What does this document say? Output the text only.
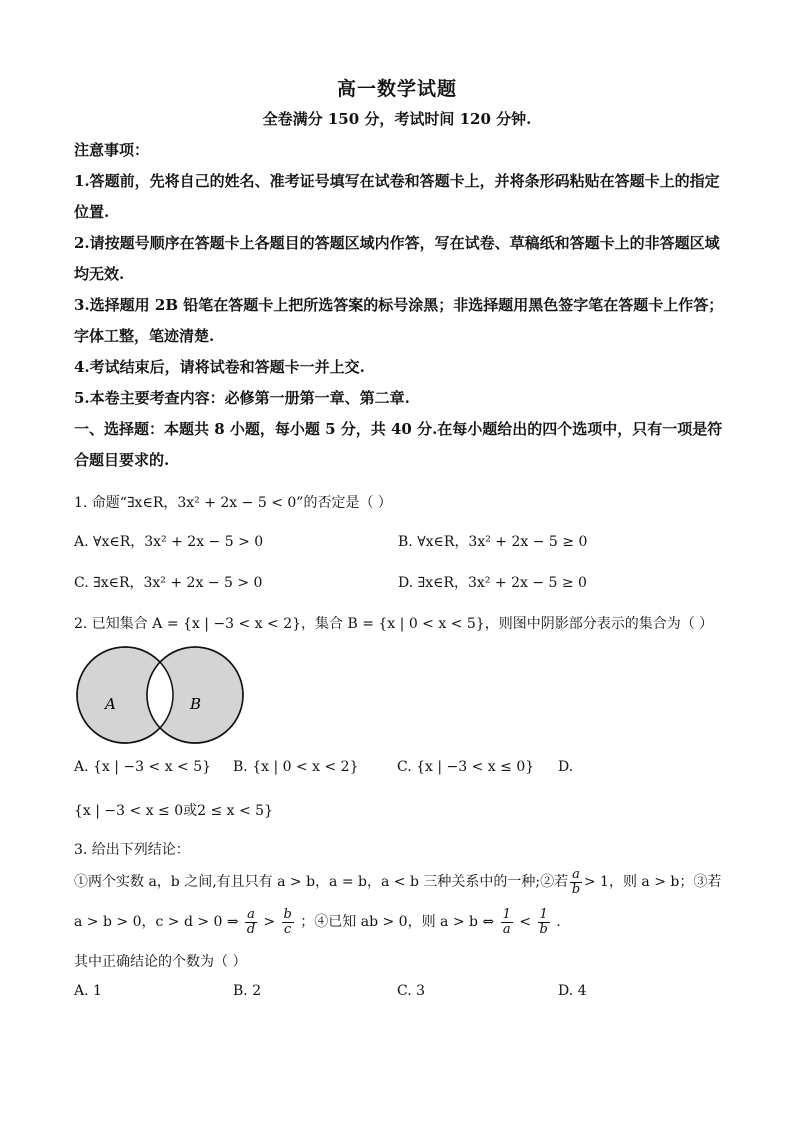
高一数学试题
全卷满分 150 分，考试时间 120 分钟.
注意事项：
1.答题前，先将自己的姓名、准考证号填写在试卷和答题卡上，并将条形码粘贴在答题卡上的指定位置.
2.请按题号顺序在答题卡上各题目的答题区域内作答，写在试卷、草稿纸和答题卡上的非答题区域均无效.
3.选择题用 2B 铅笔在答题卡上把所选答案的标号涂黑；非选择题用黑色签字笔在答题卡上作答；字体工整，笔迹清楚.
4.考试结束后，请将试卷和答题卡一并上交.
5.本卷主要考查内容：必修第一册第一章、第二章.
一、选择题：本题共 8 小题，每小题 5 分，共 40 分.在每小题给出的四个选项中，只有一项是符合题目要求的.
1. 命题“∃x∈R，3x² + 2x − 5 < 0”的否定是（ ）
A. ∀x∈R，3x² + 2x − 5 > 0	B. ∀x∈R，3x² + 2x − 5 ≥ 0
C. ∃x∈R，3x² + 2x − 5 > 0	D. ∃x∈R，3x² + 2x − 5 ≥ 0
2. 已知集合 A = {x | −3 < x < 2}，集合 B = {x | 0 < x < 5}，则图中阴影部分表示的集合为（ ）
A	B
A. {x | −3 < x < 5} B. {x | 0 < x < 2}	C. {x | −3 < x ≤ 0} D.
{x | −3 < x ≤ 0或2 ≤ x < 5}
3. 给出下列结论：
①两个实数 a，b 之间,有且只有 a > b，a = b，a < b 三种关系中的一种;②若 $\frac{a}{b} > 1$，则 a > b；③若
a > b > 0，c > d > 0 ⇒ $\frac{a}{d} > \frac{b}{c}$ ；④已知 ab > 0，则 a > b ⇔ $\frac{1}{a} < \frac{1}{b}$ .
其中正确结论的个数为（ ）
A. 1	B. 2	C. 3	D. 4
